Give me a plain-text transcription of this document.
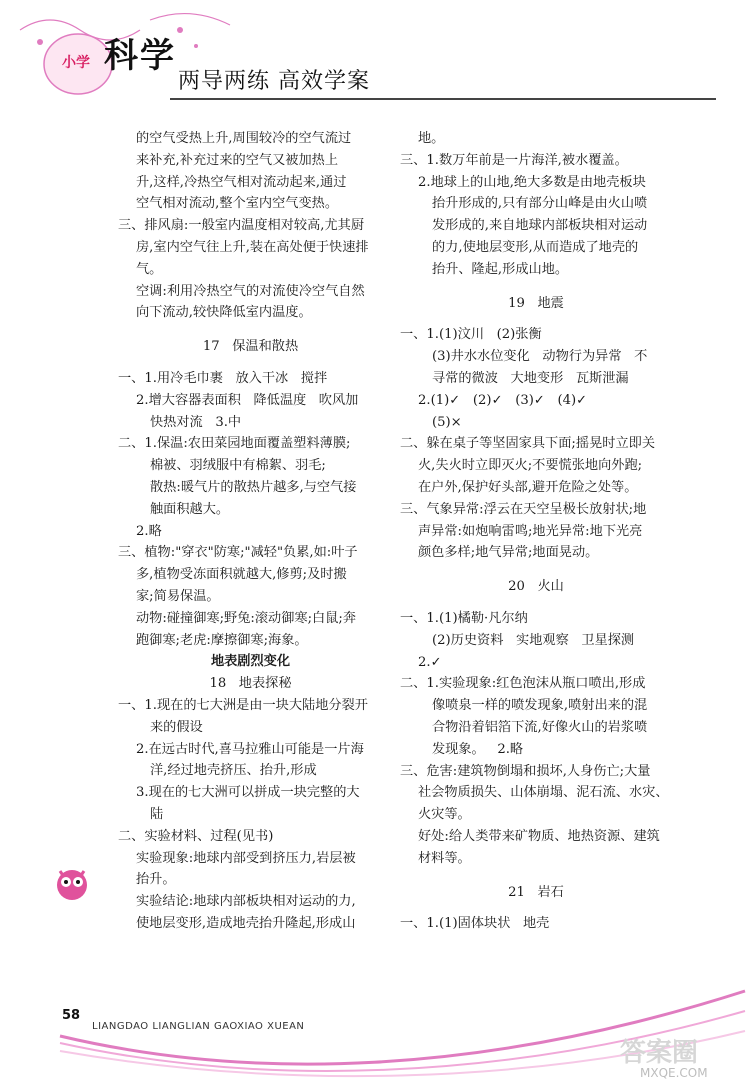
小学 科学
两导两练 高效学案
的空气受热上升,周围较冷的空气流过
来补充,补充过来的空气又被加热上
升,这样,冷热空气相对流动起来,通过
空气相对流动,整个室内空气变热。
三、排风扇:一般室内温度相对较高,尤其厨
房,室内空气往上升,装在高处便于快速排
气。
空调:利用冷热空气的对流使冷空气自然
向下流动,较快降低室内温度。
17   保温和散热
一、1.用冷毛巾裹   放入干冰   搅拌
2.增大容器表面积   降低温度   吹风加
快热对流   3.中
二、1.保温:农田菜园地面覆盖塑料薄膜;
棉被、羽绒服中有棉絮、羽毛;
散热:暖气片的散热片越多,与空气接
触面积越大。
2.略
三、植物:"穿衣"防寒;"减轻"负累,如:叶子
多,植物受冻面积就越大,修剪;及时搬
家;简易保温。
动物:碰撞御寒;野兔:滚动御寒;白鼠;奔
跑御寒;老虎:摩擦御寒;海象。
地表剧烈变化
18   地表探秘
一、1.现在的七大洲是由一块大陆地分裂开
来的假设
2.在远古时代,喜马拉雅山可能是一片海
洋,经过地壳挤压、抬升,形成
3.现在的七大洲可以拼成一块完整的大
陆
二、实验材料、过程(见书)
实验现象:地球内部受到挤压力,岩层被
抬升。
实验结论:地球内部板块相对运动的力,
使地层变形,造成地壳抬升隆起,形成山
地。
三、1.数万年前是一片海洋,被水覆盖。
2.地球上的山地,绝大多数是由地壳板块
抬升形成的,只有部分山峰是由火山喷
发形成的,来自地球内部板块相对运动
的力,使地层变形,从而造成了地壳的
抬升、隆起,形成山地。
19   地震
一、1.(1)汶川   (2)张衡
(3)井水水位变化   动物行为异常   不
寻常的微波   大地变形   瓦斯泄漏
2.(1)✓   (2)✓   (3)✓   (4)✓
(5)×
二、躲在桌子等坚固家具下面;摇晃时立即关
火,失火时立即灭火;不要慌张地向外跑;
在户外,保护好头部,避开危险之处等。
三、气象异常:浮云在天空呈极长放射状;地
声异常:如炮响雷鸣;地光异常:地下光亮
颜色多样;地气异常;地面晃动。
20   火山
一、1.(1)橘勒·凡尔纳
(2)历史资料   实地观察   卫星探测
2.✓
二、1.实验现象:红色泡沫从瓶口喷出,形成
像喷泉一样的喷发现象,喷射出来的混
合物沿着铝箔下流,好像火山的岩浆喷
发现象。   2.略
三、危害:建筑物倒塌和损坏,人身伤亡;大量
社会物质损失、山体崩塌、泥石流、水灾、
火灾等。
好处:给人类带来矿物质、地热资源、建筑
材料等。
21   岩石
一、1.(1)固体块状   地壳
58
LIANGDAO LIANGLIAN GAOXIAO XUEAN
答案圈
MXQE.COM
